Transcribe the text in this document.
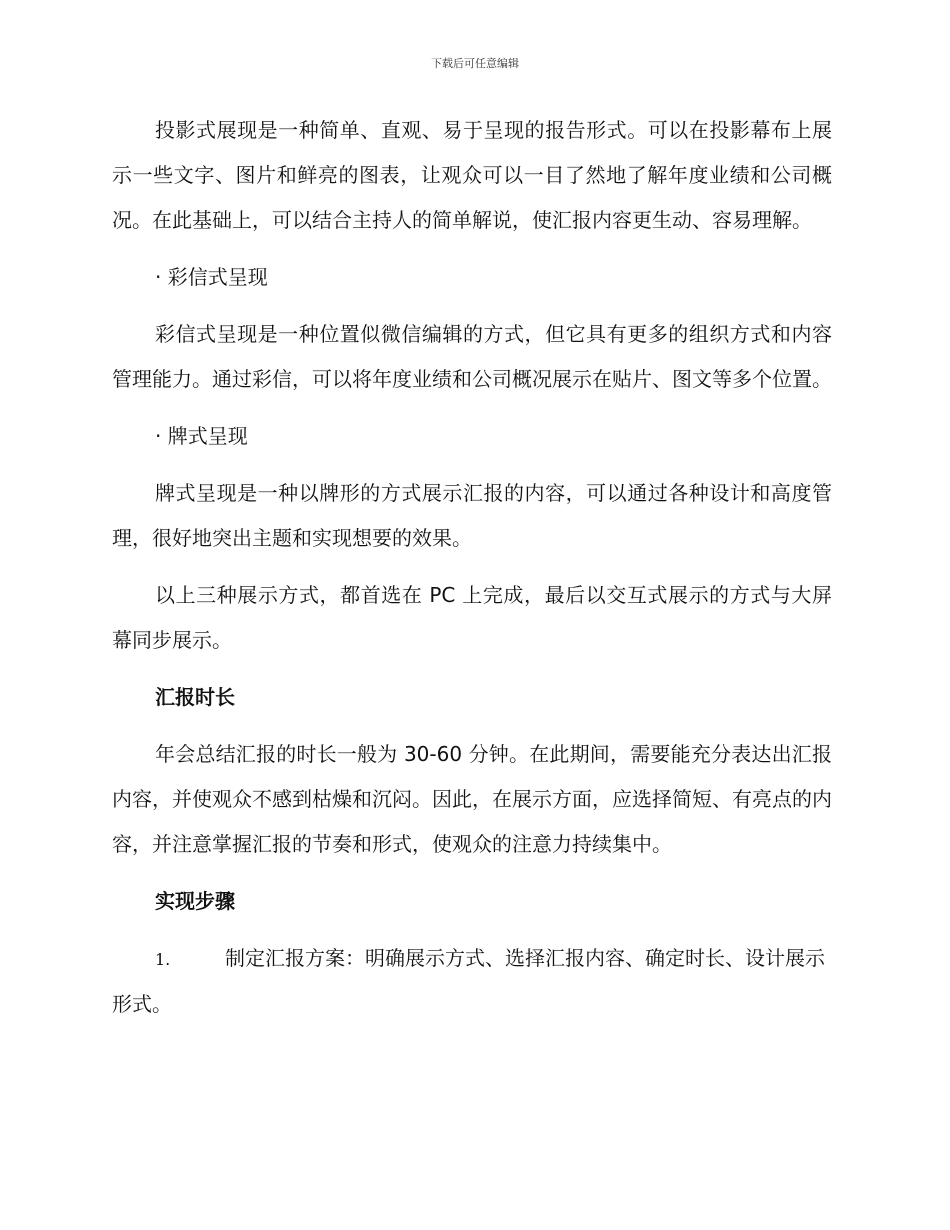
下载后可任意编辑

投影式展现是一种简单、直观、易于呈现的报告形式。可以在投影幕布上展示一些文字、图片和鲜亮的图表，让观众可以一目了然地了解年度业绩和公司概况。在此基础上，可以结合主持人的简单解说，使汇报内容更生动、容易理解。

· 彩信式呈现

彩信式呈现是一种位置似微信编辑的方式，但它具有更多的组织方式和内容管理能力。通过彩信，可以将年度业绩和公司概况展示在贴片、图文等多个位置。

· 牌式呈现

牌式呈现是一种以牌形的方式展示汇报的内容，可以通过各种设计和高度管理，很好地突出主题和实现想要的效果。

以上三种展示方式，都首选在 PC 上完成，最后以交互式展示的方式与大屏幕同步展示。

汇报时长

年会总结汇报的时长一般为 30-60 分钟。在此期间，需要能充分表达出汇报内容，并使观众不感到枯燥和沉闷。因此，在展示方面，应选择简短、有亮点的内容，并注意掌握汇报的节奏和形式，使观众的注意力持续集中。

实现步骤

1.	制定汇报方案：明确展示方式、选择汇报内容、确定时长、设计展示形式。
